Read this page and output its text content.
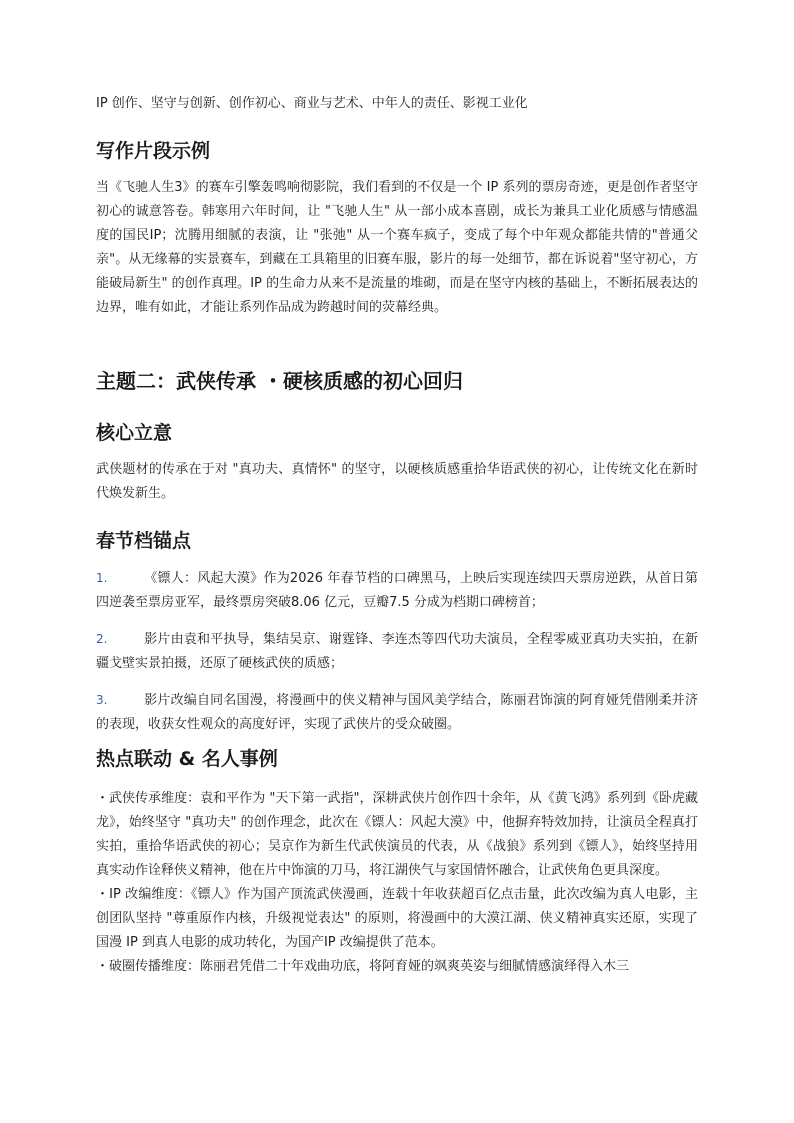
IP 创作、坚守与创新、创作初心、商业与艺术、中年人的责任、影视工业化
写作片段示例
当《飞驰人生3》的赛车引擎轰鸣响彻影院，我们看到的不仅是一个 IP 系列的票房奇迹，更是创作者坚守初心的诚意答卷。韩寒用六年时间，让 "飞驰人生" 从一部小成本喜剧，成长为兼具工业化质感与情感温度的国民IP；沈腾用细腻的表演，让 "张弛" 从一个赛车疯子，变成了每个中年观众都能共情的"普通父亲"。从无缘幕的实景赛车，到藏在工具箱里的旧赛车服，影片的每一处细节，都在诉说着"坚守初心，方能破局新生" 的创作真理。IP 的生命力从来不是流量的堆砌，而是在坚守内核的基础上，不断拓展表达的边界，唯有如此，才能让系列作品成为跨越时间的荧幕经典。
主题二：武侠传承 ・硬核质感的初心回归
核心立意
武侠题材的传承在于对 "真功夫、真情怀" 的坚守，以硬核质感重拾华语武侠的初心，让传统文化在新时代焕发新生。
春节档锚点
1.	《镖人：风起大漠》作为2026 年春节档的口碑黑马，上映后实现连续四天票房逆跌，从首日第四逆袭至票房亚军，最终票房突破8.06 亿元，豆瓣7.5 分成为档期口碑榜首；
2.	影片由袁和平执导，集结吴京、谢霆锋、李连杰等四代功夫演员，全程零威亚真功夫实拍，在新疆戈壁实景拍摄，还原了硬核武侠的质感；
3.	影片改编自同名国漫，将漫画中的侠义精神与国风美学结合，陈丽君饰演的阿育娅凭借刚柔并济的表现，收获女性观众的高度好评，实现了武侠片的受众破圈。
热点联动 & 名人事例
・武侠传承维度：袁和平作为 "天下第一武指"，深耕武侠片创作四十余年，从《黄飞鸿》系列到《卧虎藏龙》，始终坚守 "真功夫" 的创作理念，此次在《镖人：风起大漠》中，他摒弃特效加持，让演员全程真打实拍，重拾华语武侠的初心；吴京作为新生代武侠演员的代表，从《战狼》系列到《镖人》，始终坚持用真实动作诠释侠义精神，他在片中饰演的刀马，将江湖侠气与家国情怀融合，让武侠角色更具深度。
・IP 改编维度：《镖人》作为国产顶流武侠漫画，连载十年收获超百亿点击量，此次改编为真人电影，主创团队坚持 "尊重原作内核，升级视觉表达" 的原则，将漫画中的大漠江湖、侠义精神真实还原，实现了国漫 IP 到真人电影的成功转化，为国产IP 改编提供了范本。
・破圈传播维度：陈丽君凭借二十年戏曲功底，将阿育娅的飒爽英姿与细腻情感演绎得入木三
